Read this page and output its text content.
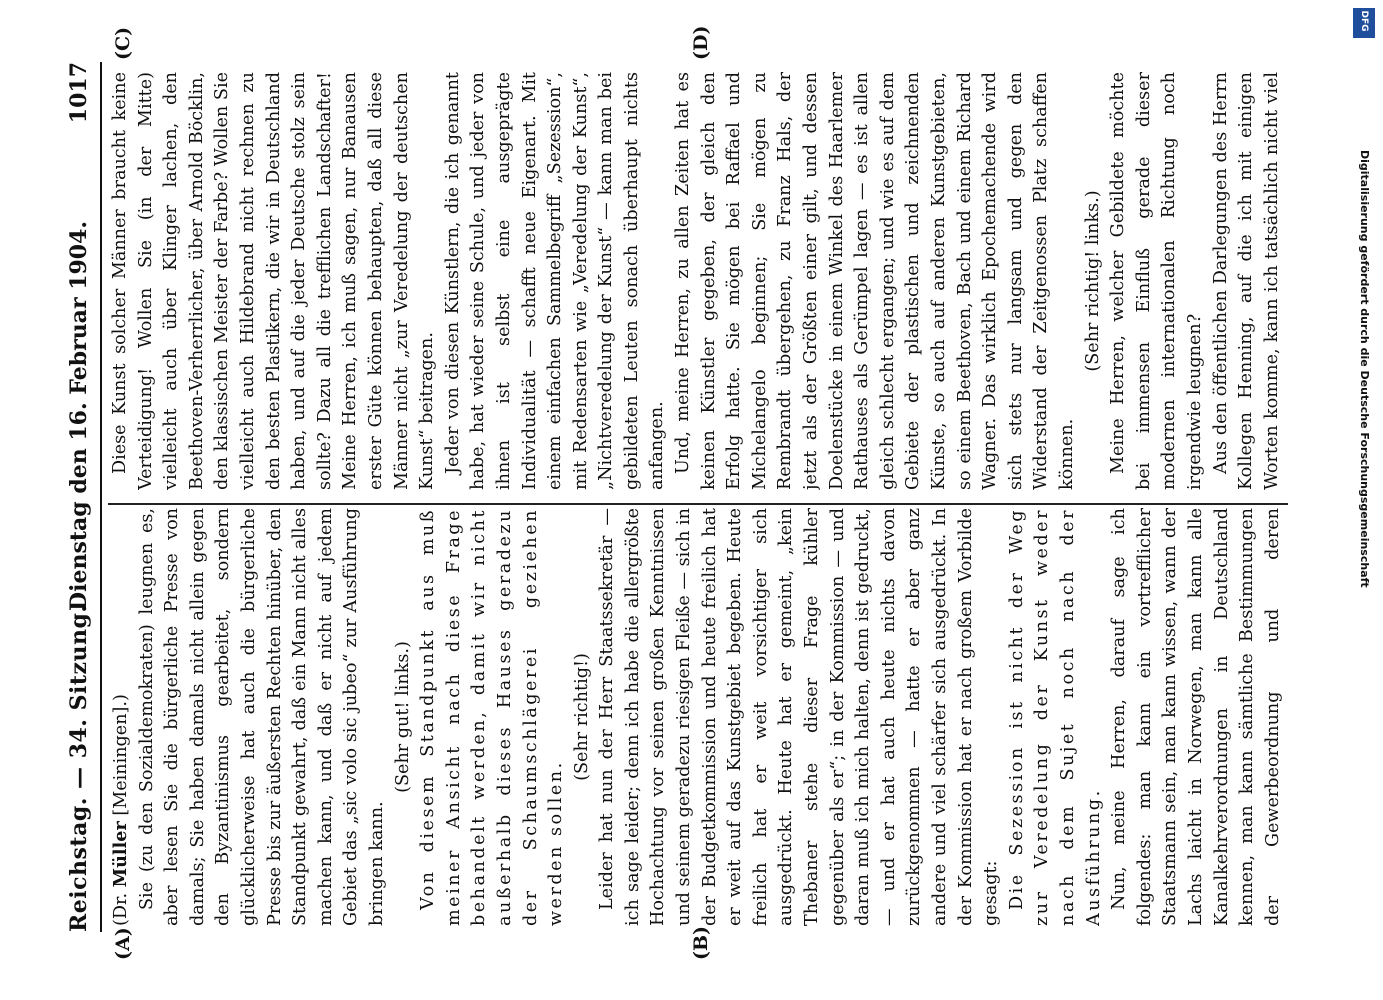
Reichstag. — 34. Sitzung.
Dienstag den 16. Februar 1904. 1017
(A)	(B)
(C)	(D)

(Dr. Müller [Meiningen].) Sie (zu den Sozialdemokraten) leugnen es, aber lesen Sie die bürgerliche Presse von damals; Sie haben damals nicht allein gegen den Byzantinismus gearbeitet, sondern glücklicherweise hat auch die bürgerliche Presse bis zur äußersten Rechten hinüber, den Standpunkt gewahrt, daß ein Mann nicht alles machen kann, und daß er nicht auf jedem Gebiet das „sic volo sic jubeo“ zur Ausführung bringen kann.

(Sehr gut! links.) Von diesem Standpunkt aus muß meiner Ansicht nach diese Frage behandelt werden, damit wir nicht außerhalb dieses Hauses geradezu der Schaumschlägerei geziehen werden sollen.

(Sehr richtig!) Leider hat nun der Herr Staatssekretär — ich sage leider; denn ich habe die allergrößte Hochachtung vor seinen großen Kenntnissen und seinem geradezu riesigen Fleiße — sich in der Budgetkommission und heute freilich hat er weit auf das Kunstgebiet begeben. Heute freilich hat er weit vorsichtiger sich ausgedrückt. Heute hat er gemeint, „kein Thebaner stehe dieser Frage kühler gegenüber als er“; in der Kommission — und daran muß ich mich halten, denn ist gedruckt, — und er hat auch heute nichts davon zurückgenommen — hatte er aber ganz andere und viel schärfer sich ausgedrückt. In der Kommission hat er nach großem Vorbilde gesagt: Die Sezession ist nicht der Weg zur Veredelung der Kunst weder nach dem Sujet noch nach der Ausführung. Nun, meine Herren, darauf sage ich folgendes: man kann ein vortrefflicher Staatsmann sein, man kann wissen, wann der Lachs laicht in Norwegen, man kann alle Kanalkehrverordnungen in Deutschland kennen, man kann sämtliche Bestimmungen der Gewerbeordnung und deren

Diese Kunst solcher Männer braucht keine Verteidigung! Wollen Sie (in der Mitte) vielleicht auch über Klinger lachen, den Beethoven-Verherrlicher, über Arnold Böcklin, den klassischen Meister der Farbe? Wollen Sie vielleicht auch Hildebrand nicht rechnen zu den besten Plastikern, die wir in Deutschland haben, und auf die jeder Deutsche stolz sein sollte? Dazu all die trefflichen Landschafter! Meine Herren, ich muß sagen, nur Banausen erster Güte können behaupten, daß all diese Männer nicht „zur Veredelung der deutschen Kunst“ beitragen. Jeder von diesen Künstlern, die ich genannt habe, hat wieder seine Schule, und jeder von ihnen ist selbst eine ausgeprägte Individualität — schafft neue Eigenart. Mit einem einfachen Sammelbegriff „Sezession“, mit Redensarten wie „Veredelung der Kunst“, „Nichtveredelung der Kunst“ — kann man bei gebildeten Leuten sonach überhaupt nichts anfangen. Und, meine Herren, zu allen Zeiten hat es keinen Künstler gegeben, der gleich den Erfolg hatte. Sie mögen bei Raffael und Michelangelo beginnen; Sie mögen zu Rembrandt übergehen, zu Franz Hals, der jetzt als der Größten einer gilt, und dessen Doelenstücke in einem Winkel des Haarlemer Rathauses als Gerümpel lagen — es ist allen gleich schlecht ergangen; und wie es auf dem Gebiete der plastischen und zeichnenden Künste, so auch auf anderen Kunstgebieten, so einem Beethoven, Bach und einem Richard Wagner. Das wirklich Epochemachende wird sich stets nur langsam und gegen den Widerstand der Zeitgenossen Platz schaffen können.

(Sehr richtig! links.) Meine Herren, welcher Gebildete möchte bei immensen Einfluß gerade dieser modernen internationalen Richtung noch irgendwie leugnen? Aus den öffentlichen Darlegungen des Herrn Kollegen Henning, auf die ich mit einigen Worten komme, kann ich tatsächlich nicht viel

DFG
Digitalisierung gefördert durch die Deutsche Forschungsgemeinschaft
